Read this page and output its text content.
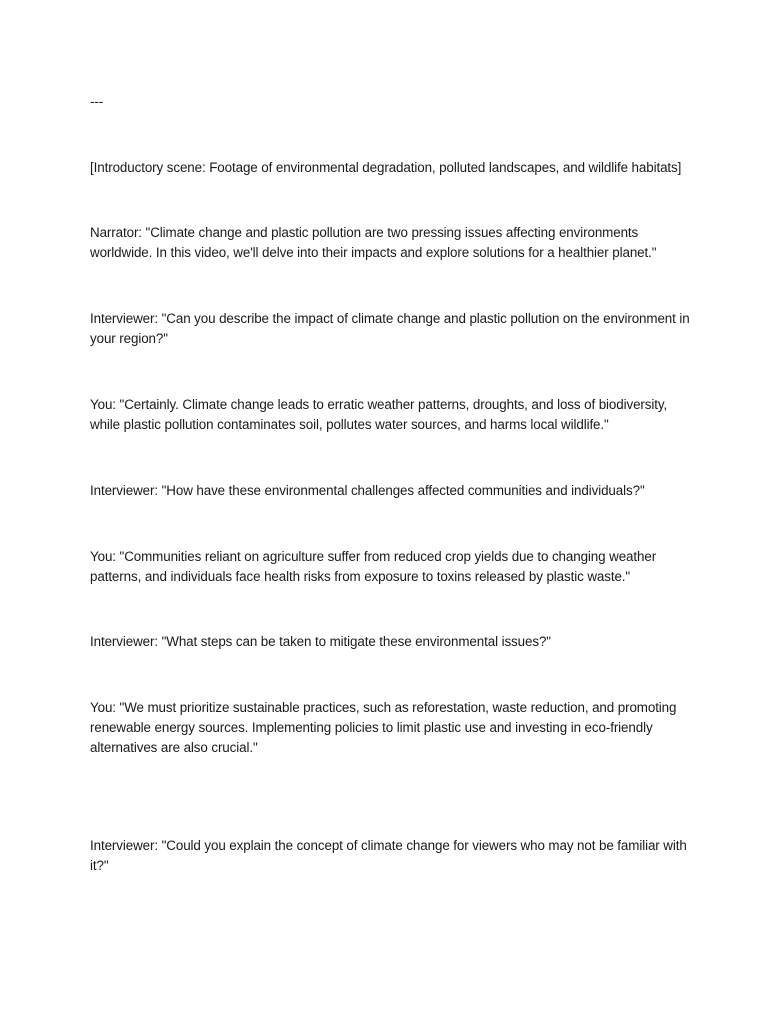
---

[Introductory scene: Footage of environmental degradation, polluted landscapes, and wildlife habitats]

Narrator: "Climate change and plastic pollution are two pressing issues affecting environments worldwide. In this video, we'll delve into their impacts and explore solutions for a healthier planet."

Interviewer: "Can you describe the impact of climate change and plastic pollution on the environment in your region?"

You: "Certainly. Climate change leads to erratic weather patterns, droughts, and loss of biodiversity, while plastic pollution contaminates soil, pollutes water sources, and harms local wildlife."

Interviewer: "How have these environmental challenges affected communities and individuals?"

You: "Communities reliant on agriculture suffer from reduced crop yields due to changing weather patterns, and individuals face health risks from exposure to toxins released by plastic waste."

Interviewer: "What steps can be taken to mitigate these environmental issues?"

You: "We must prioritize sustainable practices, such as reforestation, waste reduction, and promoting renewable energy sources. Implementing policies to limit plastic use and investing in eco-friendly alternatives are also crucial."

Interviewer: "Could you explain the concept of climate change for viewers who may not be familiar with it?"
